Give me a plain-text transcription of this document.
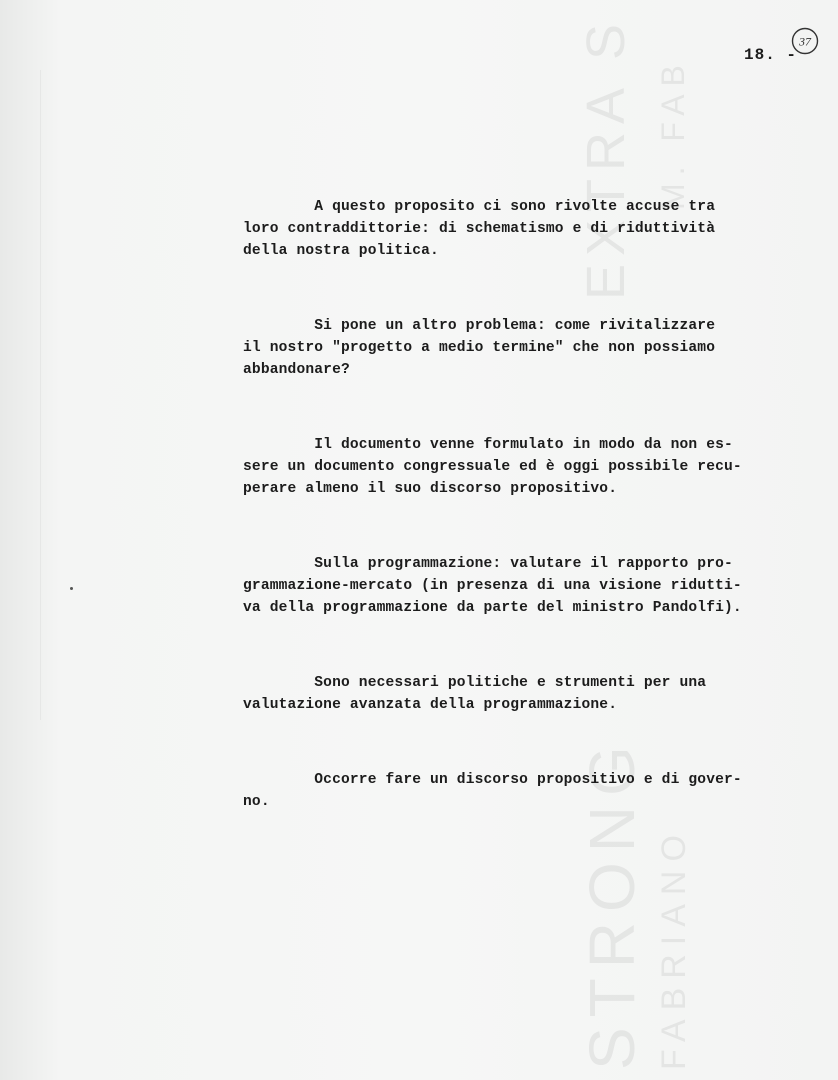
STRONG FABRIANO
EXTRA S M. FAB
18. -
37

A questo proposito ci sono rivolte accuse tra
loro contraddittorie: di schematismo e di riduttività
della nostra politica.

Si pone un altro problema: come rivitalizzare
il nostro "progetto a medio termine" che non possiamo
abbandonare?

Il documento venne formulato in modo da non es-
sere un documento congressuale ed è oggi possibile recu-
perare almeno il suo discorso propositivo.

Sulla programmazione: valutare il rapporto pro-
grammazione-mercato (in presenza di una visione ridutti-
va della programmazione da parte del ministro Pandolfi).

Sono necessari politiche e strumenti per una
valutazione avanzata della programmazione.

Occorre fare un discorso propositivo e di gover-
no.
